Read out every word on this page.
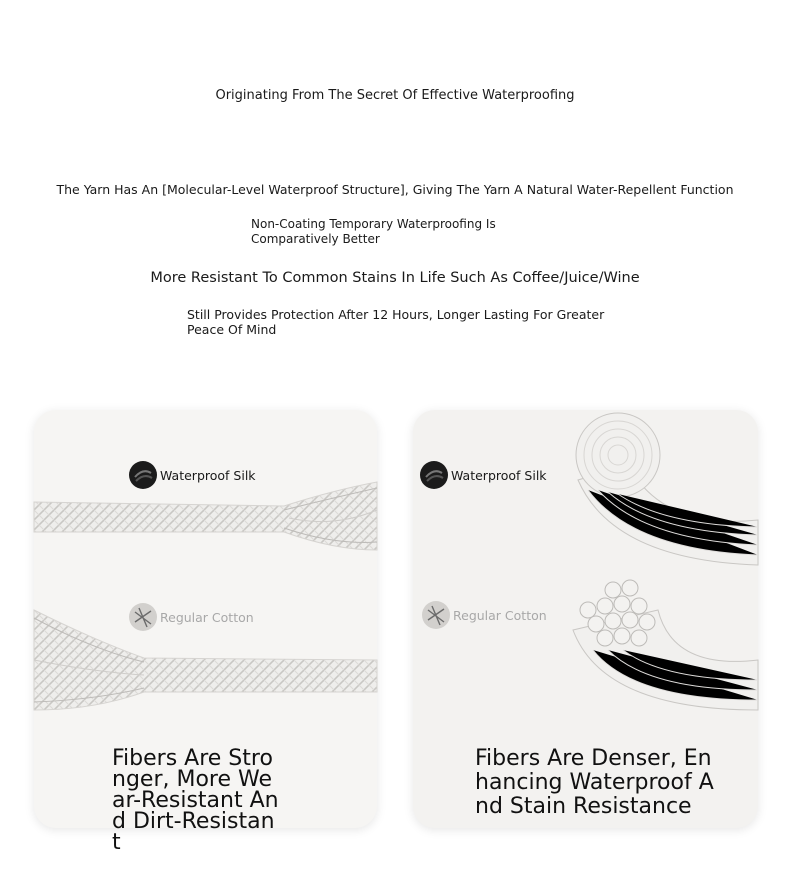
Originating From The Secret Of Effective Waterproofing
The Yarn Has An [Molecular-Level Waterproof Structure], Giving The Yarn A Natural Water-Repellent Function
Non-Coating Temporary Waterproofing Is Comparatively Better
More Resistant To Common Stains In Life Such As Coffee/Juice/Wine
Still Provides Protection After 12 Hours, Longer Lasting For Greater Peace Of Mind
Waterproof Silk
Regular Cotton
Fibers Are Stronger, More Wear-Resistant And Dirt-Resistant
Waterproof Silk
Regular Cotton
Fibers Are Denser, Enhancing Waterproof And Stain Resistance
